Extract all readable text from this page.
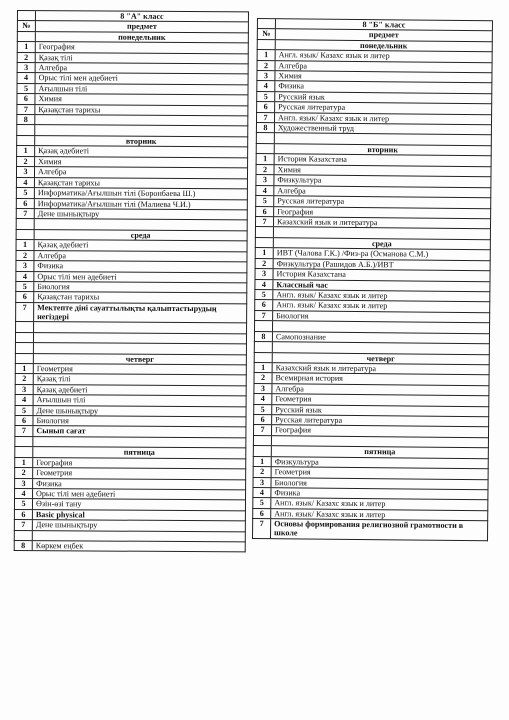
8 "А" класс
№	предмет
понедельник
1	География
2	Қазақ тілі
3	Алгебра
4	Орыс тілі мен әдебиеті
5	Ағылшын тілі
6	Химия
7	Қазақстан тарихы
8
вторник
1	Қазақ әдебиеті
2	Химия
3	Алгебра
4	Қазақстан тарихы
5	Информатика/Ағылшын тілі (Боронбаева Ш.)
6	Информатика/Ағылшын тілі (Малиева Ч.И.)
7	Дене шынықтыру
среда
1	Қазақ әдебиеті
2	Алгебра
3	Физика
4	Орыс тілі мен әдебиеті
5	Биология
6	Қазақстан тарихы
7	Мектепте діні сауаттылықты қалыптастырудың негіздері
четверг
1	Геометрия
2	Қазақ тілі
3	Қазақ әдебиеті
4	Ағылшын тілі
5	Дене шынықтыру
6	Биология
7	Сынып сағат
пятница
1	География
2	Геометрия
3	Физика
4	Орыс тілі мен әдебиеті
5	Өзін-өзі тану
6	Basic physical
7	Дене шынықтыру
8	Көркем еңбек
8 "Б" класс
№	предмет
понедельник
1	Англ. язык/ Казахс язык и литер
2	Алгебра
3	Химия
4	Физика
5	Русский язык
6	Русская литература
7	Англ. язык/ Казахс язык и литер
8	Художественный труд
вторник
1	История Казахстана
2	Химия
3	Физкультура
4	Алгебра
5	Русская литература
6	География
7	Казахский язык и литература
среда
1	ИВТ (Чалова Г.К.) /Физ-ра (Османова С.М.)
2	Физкультура (Рашидов А.Б.)/ИВТ
3	История Казахстана
4	Классный час
5	Англ. язык/ Казахс язык и литер
6	Англ. язык/ Казахс язык и литер
7	Биология
8	Самопознание
четверг
1	Казахский язык и литература
2	Всемирная история
3	Алгебра
4	Геометрия
5	Русский язык
6	Русская литература
7	География
пятница
1	Физкультура
2	Геометрия
3	Биология
4	Физика
5	Англ. язык/ Казахс язык и литер
6	Англ. язык/ Казахс язык и литер
7	Основы формирования религиозной грамотности в школе
